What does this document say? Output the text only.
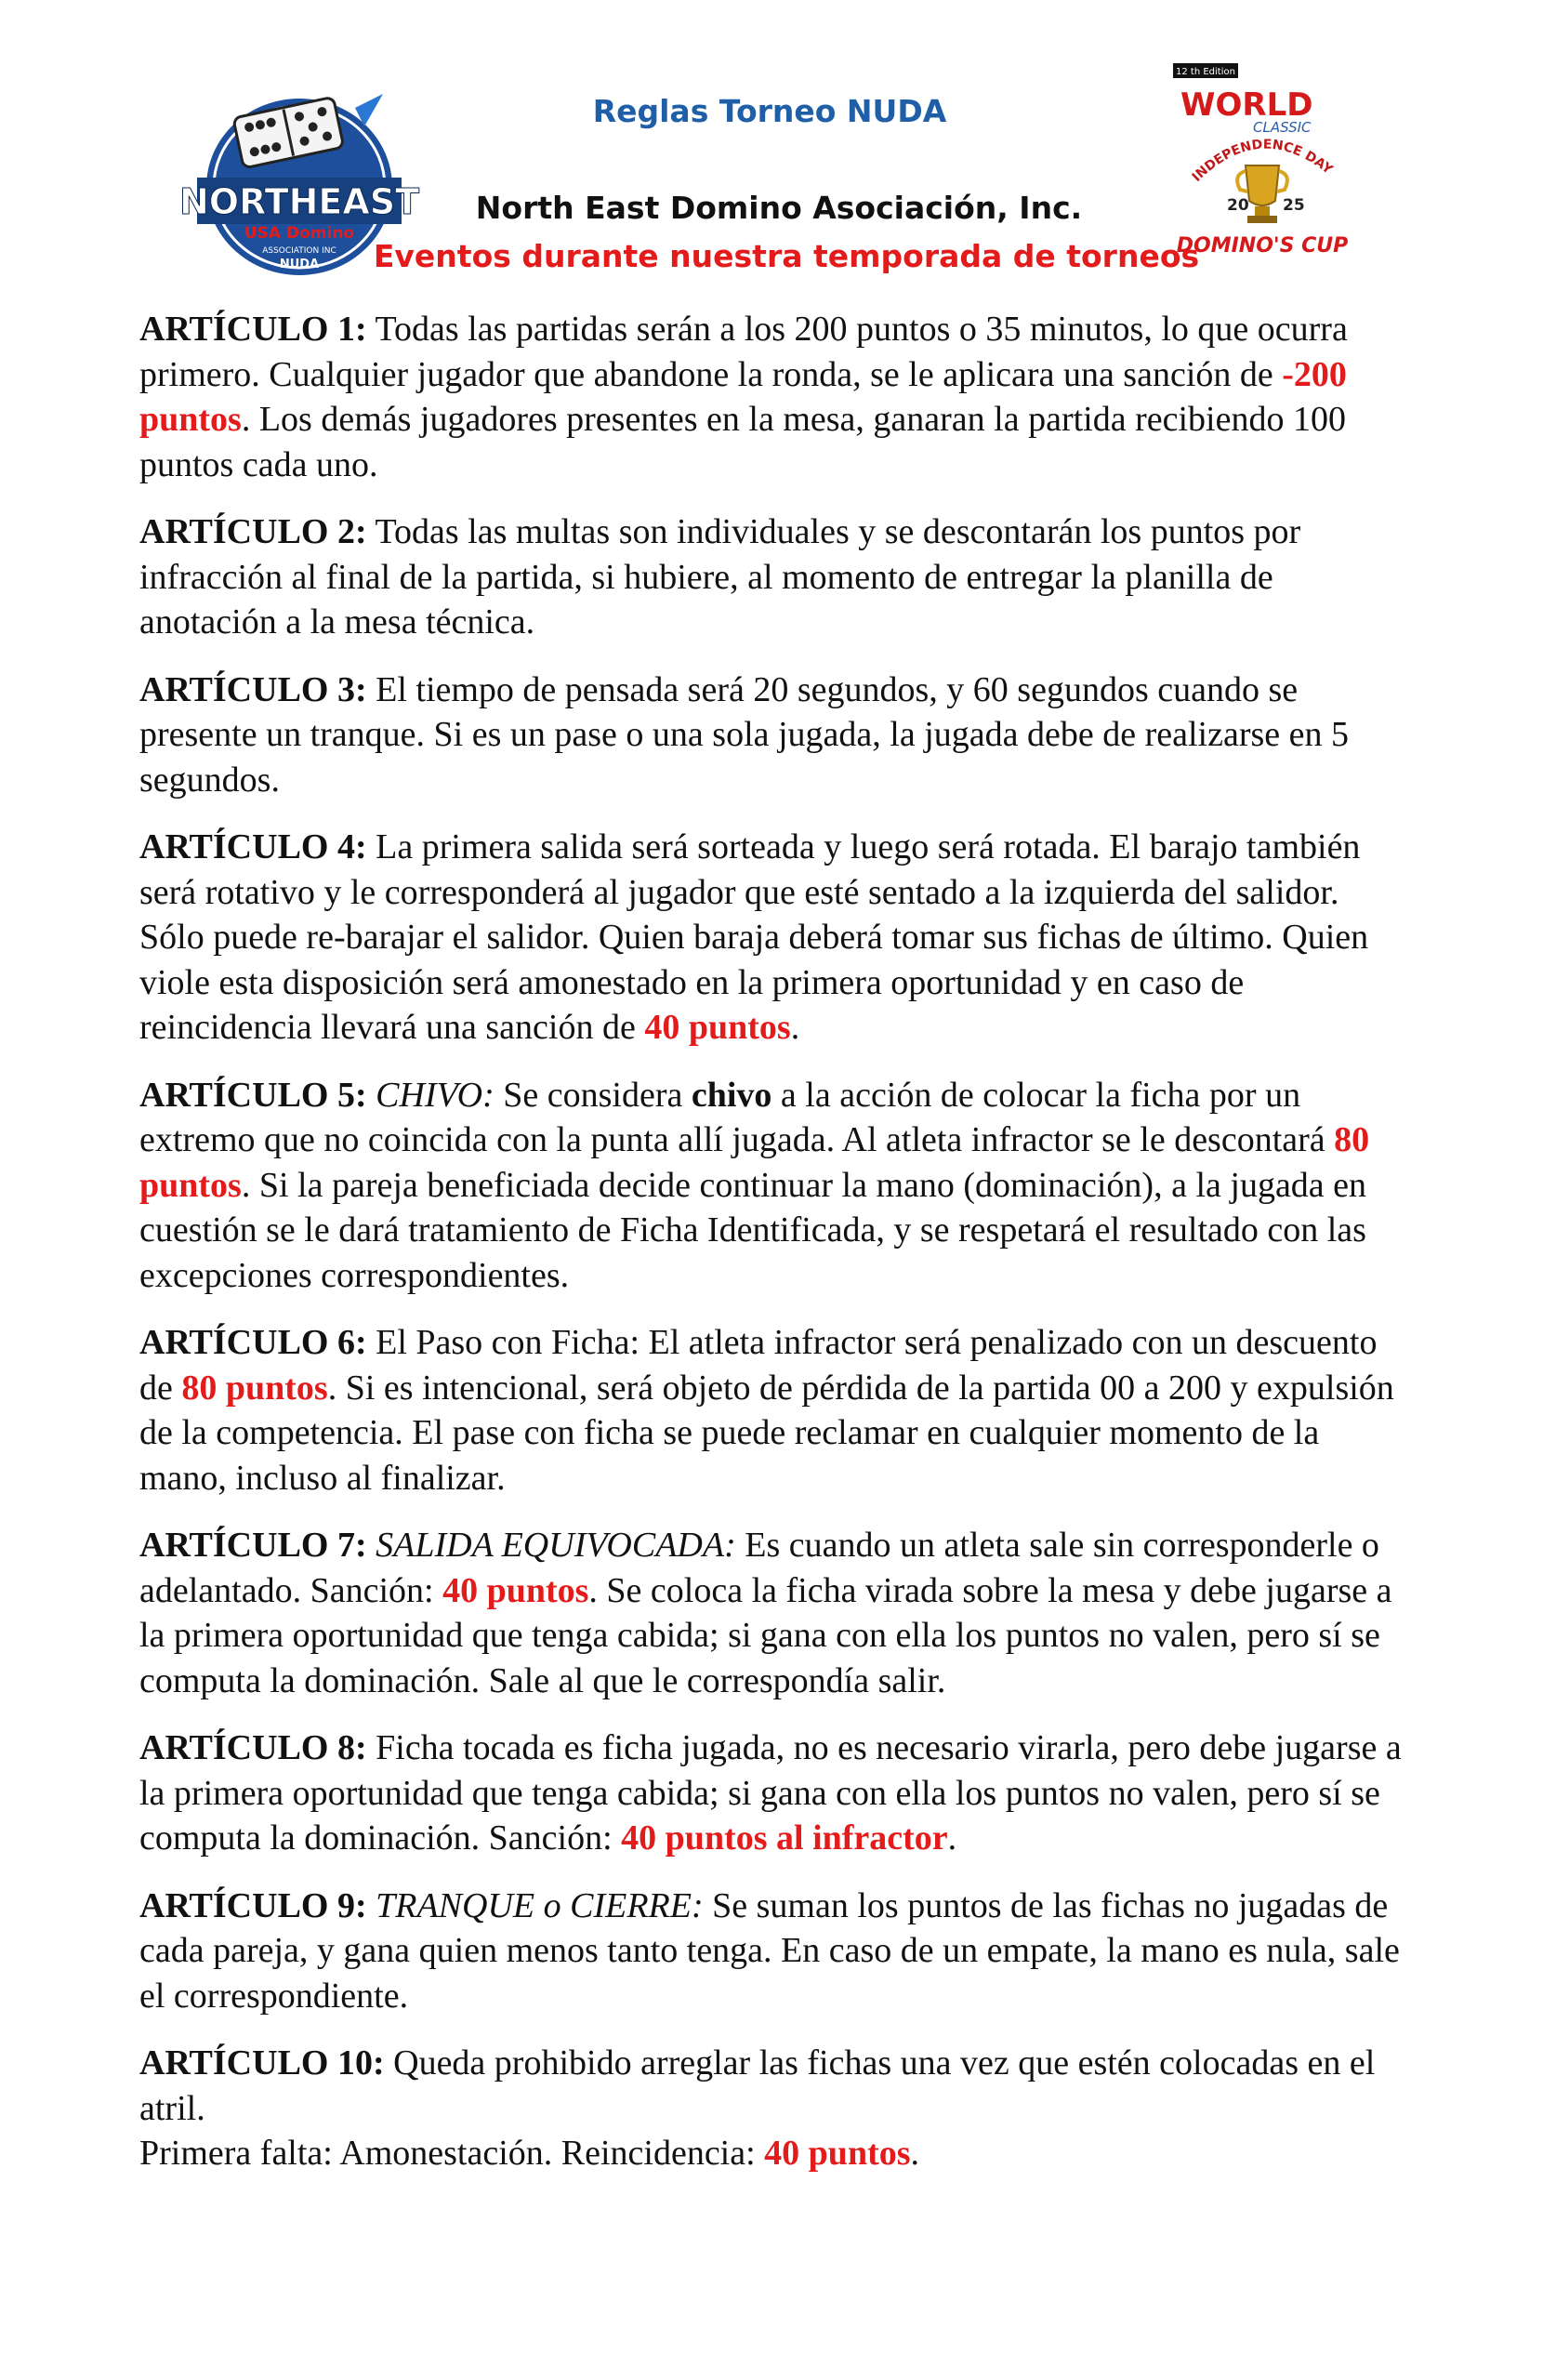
NORTHEAST
USA Domino
ASSOCIATION INC
NUDA
12 th Edition
WORLD
CLASSIC
INDEPENDENCE DAY
20 25
DOMINO'S CUP
Reglas Torneo NUDA
North East Domino Asociación, Inc.
Eventos durante nuestra temporada de torneos

ARTÍCULO 1: Todas las partidas serán a los 200 puntos o 35 minutos, lo que ocurra primero. Cualquier jugador que abandone la ronda, se le aplicara una sanción de -200 puntos. Los demás jugadores presentes en la mesa, ganaran la partida recibiendo 100 puntos cada uno.

ARTÍCULO 2: Todas las multas son individuales y se descontarán los puntos por infracción al final de la partida, si hubiere, al momento de entregar la planilla de anotación a la mesa técnica.

ARTÍCULO 3: El tiempo de pensada será 20 segundos, y 60 segundos cuando se presente un tranque. Si es un pase o una sola jugada, la jugada debe de realizarse en 5 segundos.

ARTÍCULO 4: La primera salida será sorteada y luego será rotada. El barajo también será rotativo y le corresponderá al jugador que esté sentado a la izquierda del salidor. Sólo puede re-barajar el salidor. Quien baraja deberá tomar sus fichas de último. Quien viole esta disposición será amonestado en la primera oportunidad y en caso de reincidencia llevará una sanción de 40 puntos.

ARTÍCULO 5: CHIVO: Se considera chivo a la acción de colocar la ficha por un extremo que no coincida con la punta allí jugada. Al atleta infractor se le descontará 80 puntos. Si la pareja beneficiada decide continuar la mano (dominación), a la jugada en cuestión se le dará tratamiento de Ficha Identificada, y se respetará el resultado con las excepciones correspondientes.

ARTÍCULO 6: El Paso con Ficha: El atleta infractor será penalizado con un descuento de 80 puntos. Si es intencional, será objeto de pérdida de la partida 00 a 200 y expulsión de la competencia. El pase con ficha se puede reclamar en cualquier momento de la mano, incluso al finalizar.

ARTÍCULO 7: SALIDA EQUIVOCADA: Es cuando un atleta sale sin corresponderle o adelantado. Sanción: 40 puntos. Se coloca la ficha virada sobre la mesa y debe jugarse a la primera oportunidad que tenga cabida; si gana con ella los puntos no valen, pero sí se computa la dominación. Sale al que le correspondía salir.

ARTÍCULO 8: Ficha tocada es ficha jugada, no es necesario virarla, pero debe jugarse a la primera oportunidad que tenga cabida; si gana con ella los puntos no valen, pero sí se computa la dominación. Sanción: 40 puntos al infractor.

ARTÍCULO 9: TRANQUE o CIERRE: Se suman los puntos de las fichas no jugadas de cada pareja, y gana quien menos tanto tenga. En caso de un empate, la mano es nula, sale el correspondiente.

ARTÍCULO 10: Queda prohibido arreglar las fichas una vez que estén colocadas en el atril.
Primera falta: Amonestación. Reincidencia: 40 puntos.
